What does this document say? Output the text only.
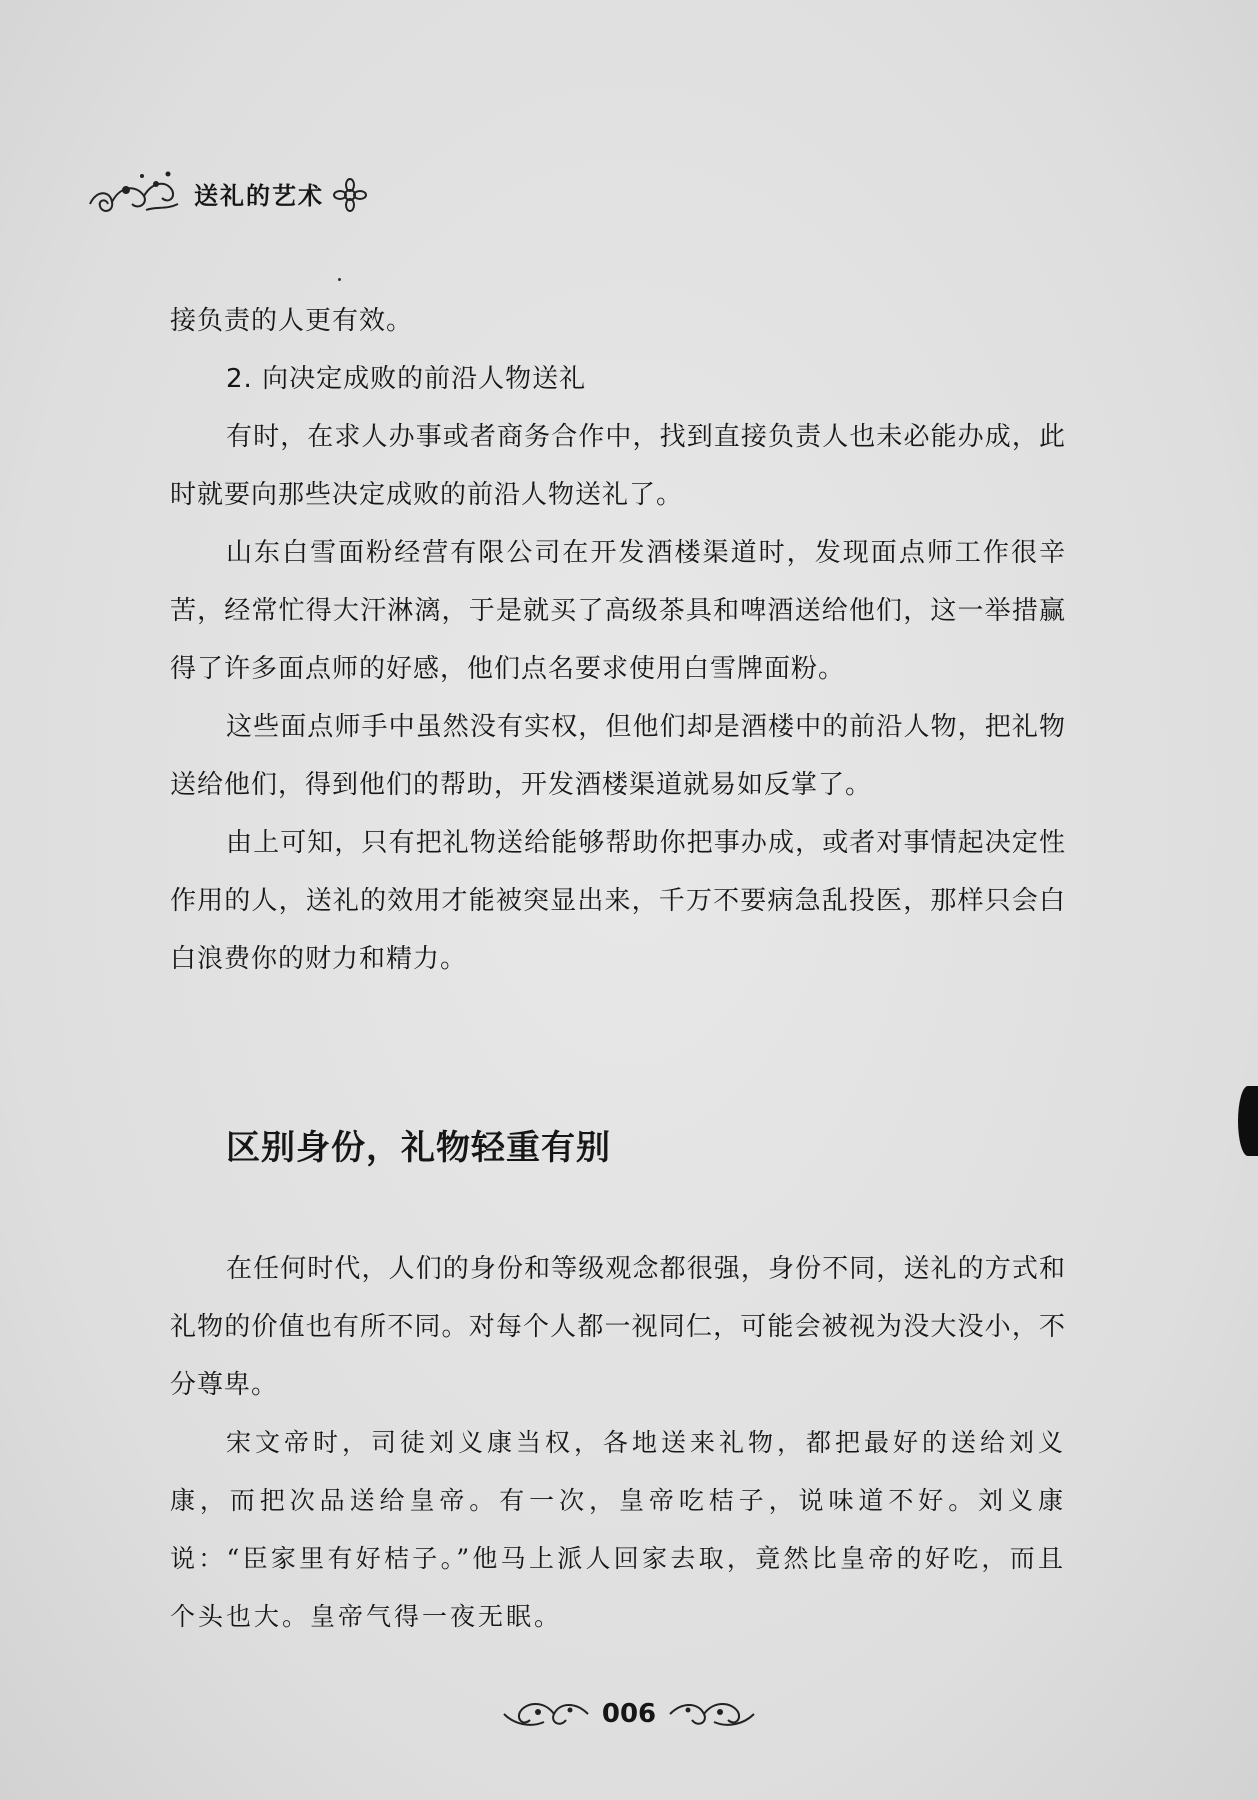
送礼的艺术

接负责的人更有效。

2. 向决定成败的前沿人物送礼

有时，在求人办事或者商务合作中，找到直接负责人也未必能办成，此时就要向那些决定成败的前沿人物送礼了。

山东白雪面粉经营有限公司在开发酒楼渠道时，发现面点师工作很辛苦，经常忙得大汗淋漓，于是就买了高级茶具和啤酒送给他们，这一举措赢得了许多面点师的好感，他们点名要求使用白雪牌面粉。

这些面点师手中虽然没有实权，但他们却是酒楼中的前沿人物，把礼物送给他们，得到他们的帮助，开发酒楼渠道就易如反掌了。

由上可知，只有把礼物送给能够帮助你把事办成，或者对事情起决定性作用的人，送礼的效用才能被突显出来，千万不要病急乱投医，那样只会白白浪费你的财力和精力。

区别身份，礼物轻重有别

在任何时代，人们的身份和等级观念都很强，身份不同，送礼的方式和礼物的价值也有所不同。对每个人都一视同仁，可能会被视为没大没小，不分尊卑。

宋文帝时，司徒刘义康当权，各地送来礼物，都把最好的送给刘义康，而把次品送给皇帝。有一次，皇帝吃桔子，说味道不好。刘义康说：“臣家里有好桔子。”他马上派人回家去取，竟然比皇帝的好吃，而且个头也大。皇帝气得一夜无眠。

006
